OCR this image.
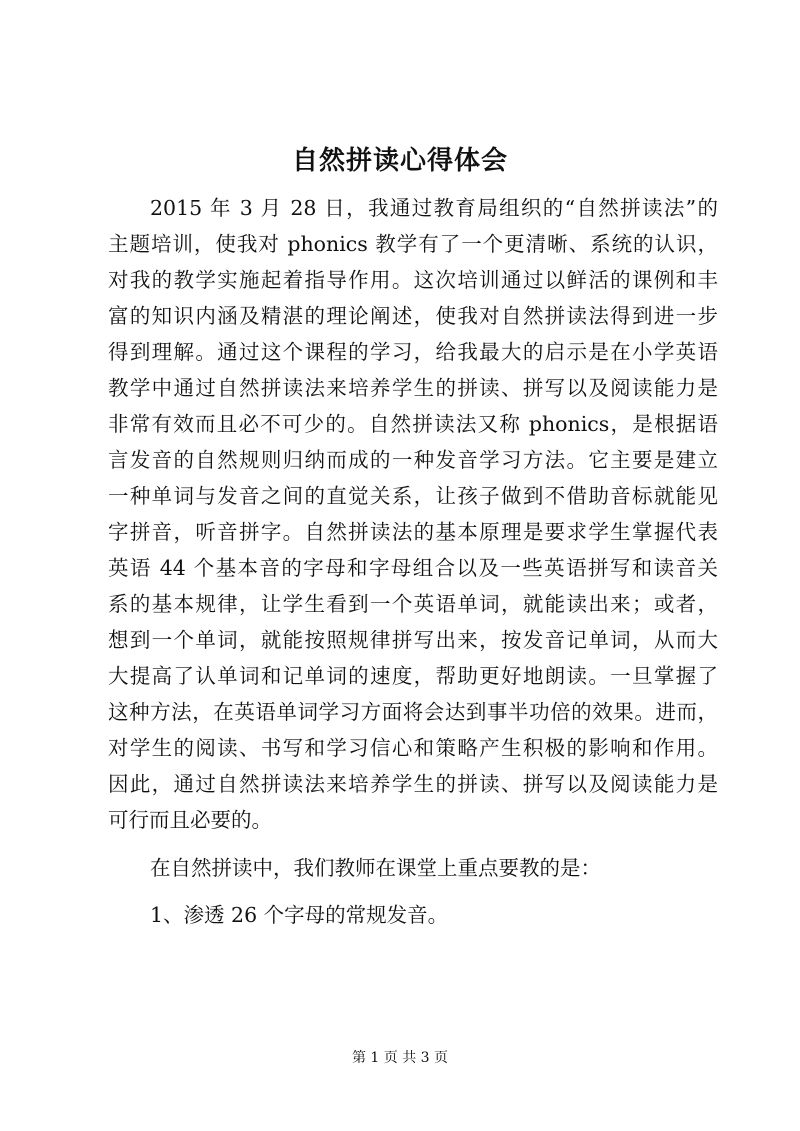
自然拼读心得体会
2015 年 3 月 28 日，我通过教育局组织的“自然拼读法”的
主题培训，使我对 phonics 教学有了一个更清晰、系统的认识，
对我的教学实施起着指导作用。这次培训通过以鲜活的课例和丰
富的知识内涵及精湛的理论阐述，使我对自然拼读法得到进一步
得到理解。通过这个课程的学习，给我最大的启示是在小学英语
教学中通过自然拼读法来培养学生的拼读、拼写以及阅读能力是
非常有效而且必不可少的。自然拼读法又称 phonics，是根据语
言发音的自然规则归纳而成的一种发音学习方法。它主要是建立
一种单词与发音之间的直觉关系，让孩子做到不借助音标就能见
字拼音，听音拼字。自然拼读法的基本原理是要求学生掌握代表
英语 44 个基本音的字母和字母组合以及一些英语拼写和读音关
系的基本规律，让学生看到一个英语单词，就能读出来；或者，
想到一个单词，就能按照规律拼写出来，按发音记单词，从而大
大提高了认单词和记单词的速度，帮助更好地朗读。一旦掌握了
这种方法，在英语单词学习方面将会达到事半功倍的效果。进而，
对学生的阅读、书写和学习信心和策略产生积极的影响和作用。
因此，通过自然拼读法来培养学生的拼读、拼写以及阅读能力是
可行而且必要的。
在自然拼读中，我们教师在课堂上重点要教的是：
1、渗透 26 个字母的常规发音。
第 1 页 共 3 页
